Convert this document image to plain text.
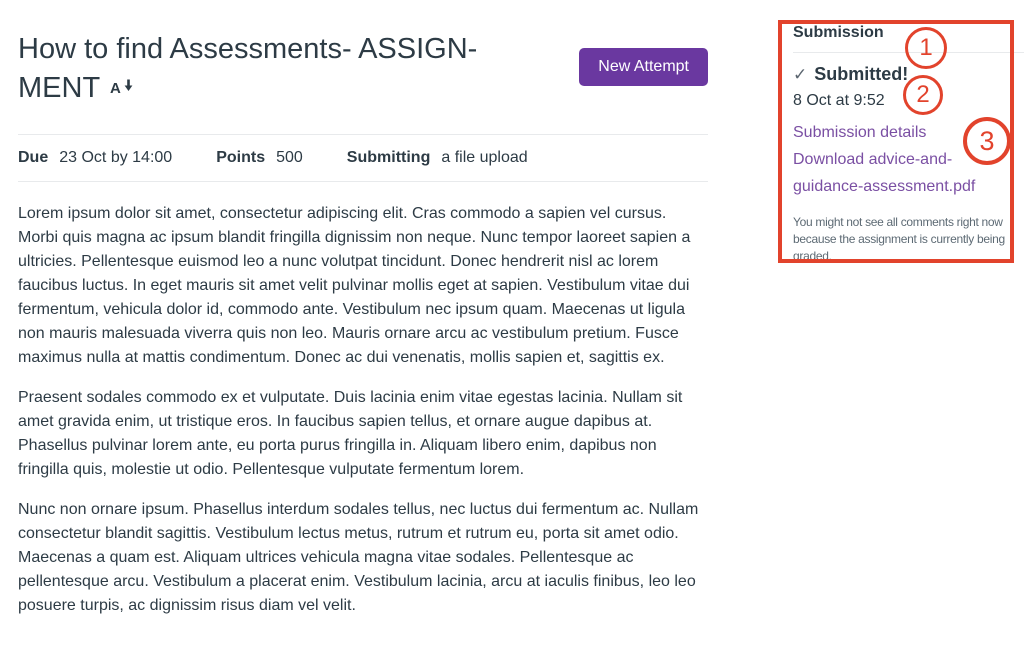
How to find Assessments- ASSIGN-
MENT A
New Attempt
Due 23 Oct by 14:00	Points 500	Submitting a file upload

Lorem ipsum dolor sit amet, consectetur adipiscing elit. Cras commodo a sapien vel cursus. Morbi quis magna ac ipsum blandit fringilla dignissim non neque. Nunc tempor laoreet sapien a ultricies. Pellentesque euismod leo a nunc volutpat tincidunt. Donec hendrerit nisl ac lorem faucibus luctus. In eget mauris sit amet velit pulvinar mollis eget at sapien. Vestibulum vitae dui fermentum, vehicula dolor id, commodo ante. Vestibulum nec ipsum quam. Maecenas ut ligula non mauris malesuada viverra quis non leo. Mauris ornare arcu ac vestibulum pretium. Fusce maximus nulla at mattis condimentum. Donec ac dui venenatis, mollis sapien et, sagittis ex.

Praesent sodales commodo ex et vulputate. Duis lacinia enim vitae egestas lacinia. Nullam sit amet gravida enim, ut tristique eros. In faucibus sapien tellus, et ornare augue dapibus at. Phasellus pulvinar lorem ante, eu porta purus fringilla in. Aliquam libero enim, dapibus non fringilla quis, molestie ut odio. Pellentesque vulputate fermentum lorem.

Nunc non ornare ipsum. Phasellus interdum sodales tellus, nec luctus dui fermentum ac. Nullam consectetur blandit sagittis. Vestibulum lectus metus, rutrum et rutrum eu, porta sit amet odio. Maecenas a quam est. Aliquam ultrices vehicula magna vitae sodales. Pellentesque ac pellentesque arcu. Vestibulum a placerat enim. Vestibulum lacinia, arcu at iaculis finibus, leo leo posuere turpis, ac dignissim risus diam vel velit.

Submission
✓ Submitted!
8 Oct at 9:52
Submission details
Download advice-and-guidance-assessment.pdf

You might not see all comments right now because the assignment is currently being graded.

1
2
3
